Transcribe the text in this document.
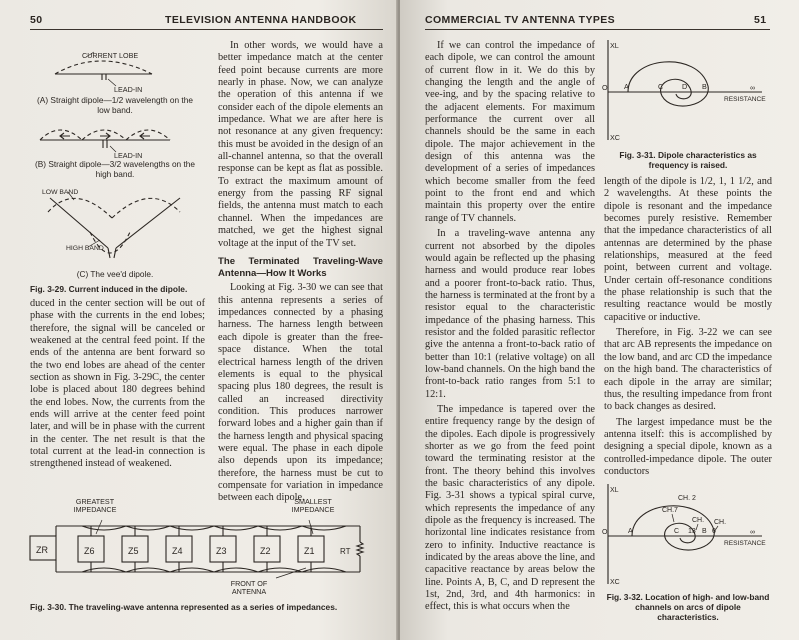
50	TELEVISION ANTENNA HANDBOOK
CURRENT LOBE
LEAD-IN
LEAD-IN
LOW BAND
HIGH BAND
(A) Straight dipole—1/2 wavelength on the low band.
(B) Straight dipole—3/2 wavelengths on the high band.
(C) The vee'd dipole.
Fig. 3-29. Current induced in the dipole.

duced in the center section will be out of phase with the currents in the end lobes; therefore, the signal will be canceled or weakened at the central feed point. If the ends of the antenna are bent forward so the two end lobes are ahead of the center section as shown in Fig. 3-29C, the center lobe is placed about 180 degrees behind the end lobes. Now, the currents from the ends will arrive at the center feed point later, and will be in phase with the current in the center. The net result is that the total current at the lead-in connection is strengthened instead of weakened.

In other words, we would have a better impedance match at the center feed point because currents are more nearly in phase. Now, we can analyze the operation of this antenna if we consider each of the dipole elements an impedance. What we are after here is not resonance at any given frequency: this must be avoided in the design of an all-channel antenna, so that the overall response can be kept as flat as possible. To extract the maximum amount of energy from the passing RF signal fields, the antenna must match to each channel. When the impedances are matched, we get the highest signal voltage at the input of the TV set.

The Terminated Traveling-Wave Antenna—How It Works

Looking at Fig. 3-30 we can see that this antenna represents a series of impedances connected by a phasing harness. The harness length between each dipole is greater than the free-space distance. When the total electrical harness length of the driven elements is equal to the physical spacing plus 180 degrees, the result is called an increased directivity condition. This produces narrower forward lobes and a higher gain than if the harness length and physical spacing were equal. The phase in each dipole also depends upon its impedance; therefore, the harness must be cut to compensate for variation in impedance between each dipole.

ZR	Z6	Z5	Z4	Z3	Z2	Z1	RT
GREATEST IMPEDANCE
SMALLEST IMPEDANCE
FRONT OF ANTENNA
Fig. 3-30. The traveling-wave antenna represented as a series of impedances.
COMMERCIAL TV ANTENNA TYPES	51

If we can control the impedance of each dipole, we can control the amount of current flow in it. We do this by changing the length and the angle of vee-ing, and by the spacing relative to the adjacent elements. For maximum performance the current over all channels should be the same in each dipole. The major achievement in the design of this antenna was the development of a series of impedances which become smaller from the feed point to the front end and which maintain this property over the entire range of TV channels.

In a traveling-wave antenna any current not absorbed by the dipoles would again be reflected up the phasing harness and would produce rear lobes and a poorer front-to-back ratio. Thus, the harness is terminated at the front by a resistor equal to the characteristic impedance of the phasing harness. This resistor and the folded parasitic reflector give the antenna a front-to-back ratio of better than 10:1 (relative voltage) on all low-band channels. On the high band the front-to-back ratio ranges from 5:1 to 12:1.

The impedance is tapered over the entire frequency range by the design of the dipoles. Each dipole is progressively shorter as we go from the feed point toward the terminating resistor at the front. The theory behind this involves the basic characteristics of any dipole. Fig. 3-31 shows a typical spiral curve, which represents the impedance of any dipole as the frequency is increased. The horizontal line indicates resistance from zero to infinity. Inductive reactance is indicated by the areas above the line, and capacitive reactance by areas below the line. Points A, B, C, and D represent the 1st, 2nd, 3rd, and 4th harmonics: in effect, this is what occurs when the

XL
XC
O A	C	D B	∞
RESISTANCE
Fig. 3-31. Dipole characteristics as frequency is raised.

length of the dipole is 1/2, 1, 1 1/2, and 2 wavelengths. At these points the dipole is resonant and the impedance becomes purely resistive. Remember that the impedance characteristics of all antennas are determined by the phase relationships, measured at the feed point, between current and voltage. Under certain off-resonance conditions the phase relationship is such that the resulting reactance would be mostly capacitive or inductive.

Therefore, in Fig. 3-22 we can see that arc AB represents the impedance on the low band, and arc CD the impedance on the high band. The characteristics of each dipole in the array are similar; thus, the resulting impedance from front to back changes as desired.

The largest impedance must be the antenna itself: this is accomplished by designing a special dipole, known as a controlled-impedance dipole. The outer conductors

XL
XC
O	A
CH. 2
CH.7
CH. CH.
C 13 B 6	∞
RESISTANCE
Fig. 3-32. Location of high- and low-band channels on arcs of dipole characteristics.
